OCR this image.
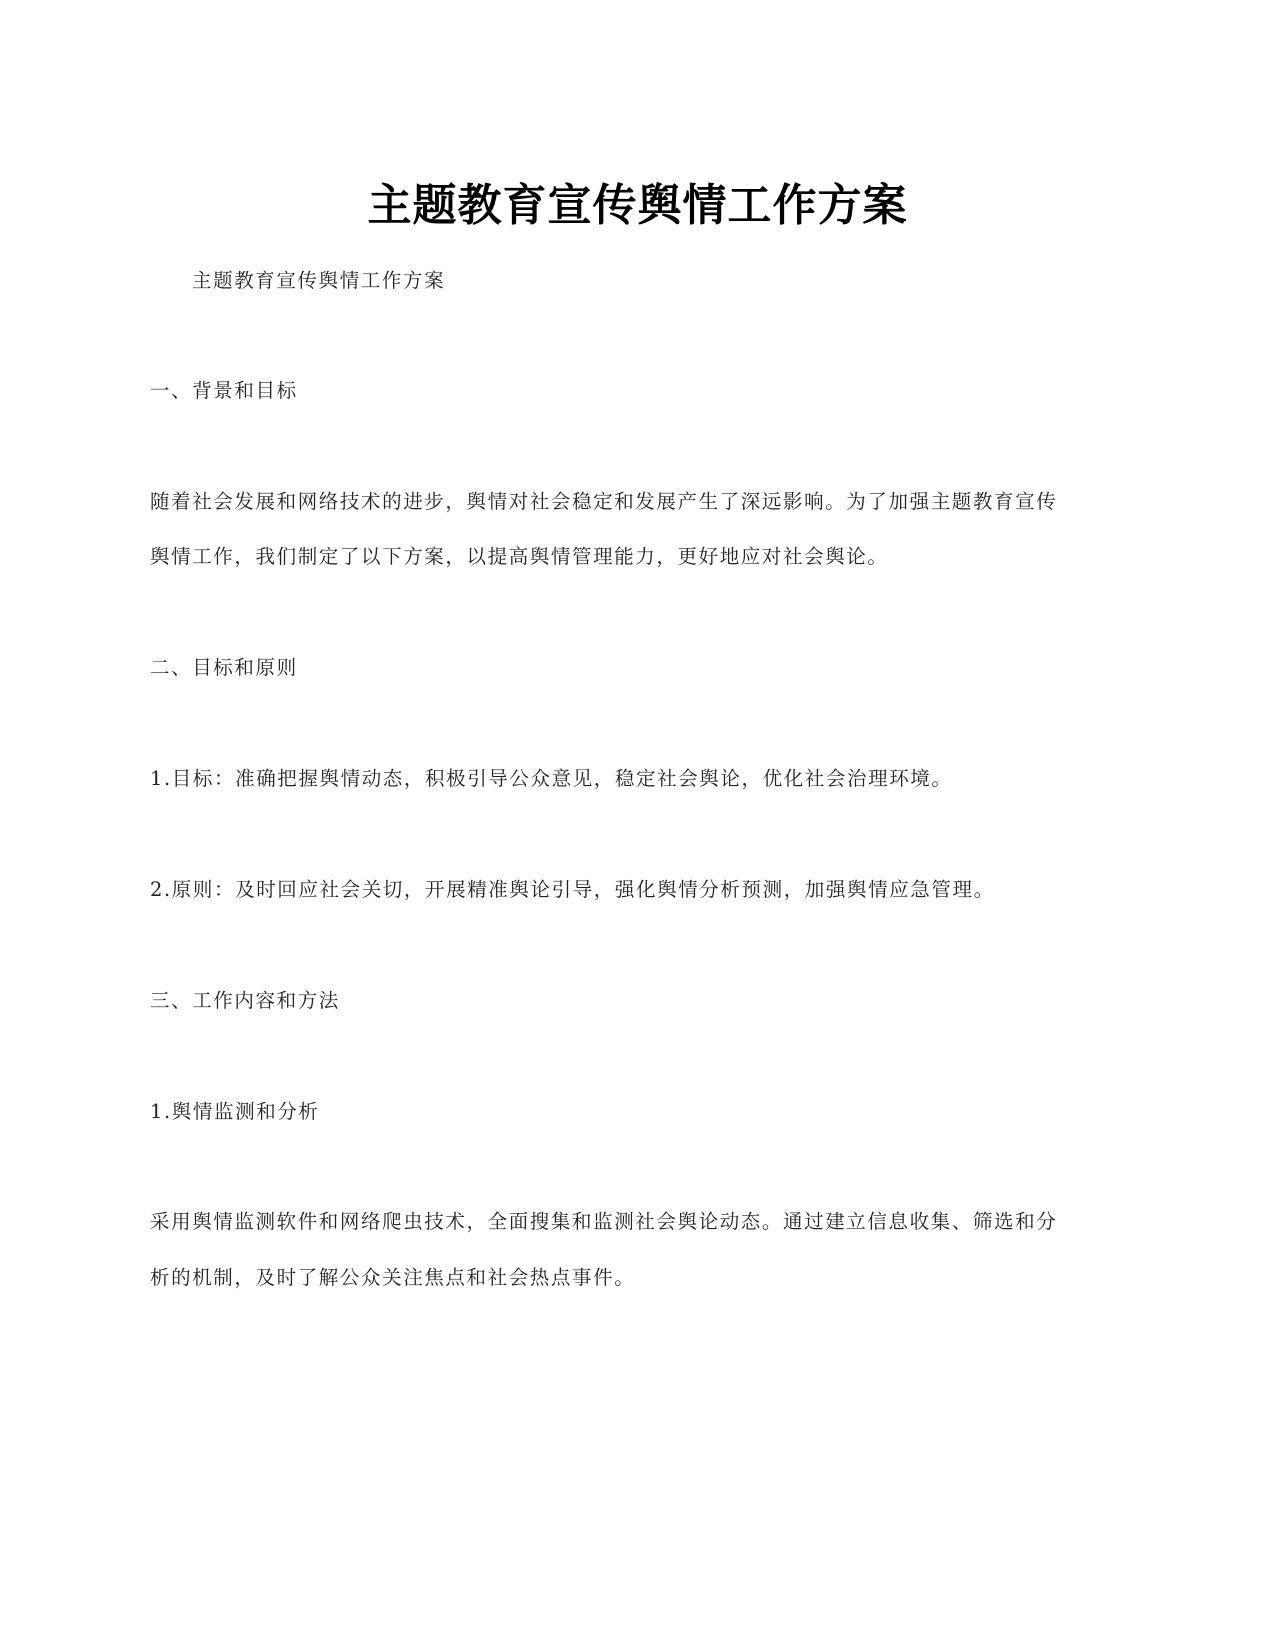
主题教育宣传舆情工作方案
主题教育宣传舆情工作方案
一、背景和目标
随着社会发展和网络技术的进步，舆情对社会稳定和发展产生了深远影响。为了加强主题教育宣传
舆情工作，我们制定了以下方案，以提高舆情管理能力，更好地应对社会舆论。
二、目标和原则
1.目标：准确把握舆情动态，积极引导公众意见，稳定社会舆论，优化社会治理环境。
2.原则：及时回应社会关切，开展精准舆论引导，强化舆情分析预测，加强舆情应急管理。
三、工作内容和方法
1.舆情监测和分析
采用舆情监测软件和网络爬虫技术，全面搜集和监测社会舆论动态。通过建立信息收集、筛选和分
析的机制，及时了解公众关注焦点和社会热点事件。
